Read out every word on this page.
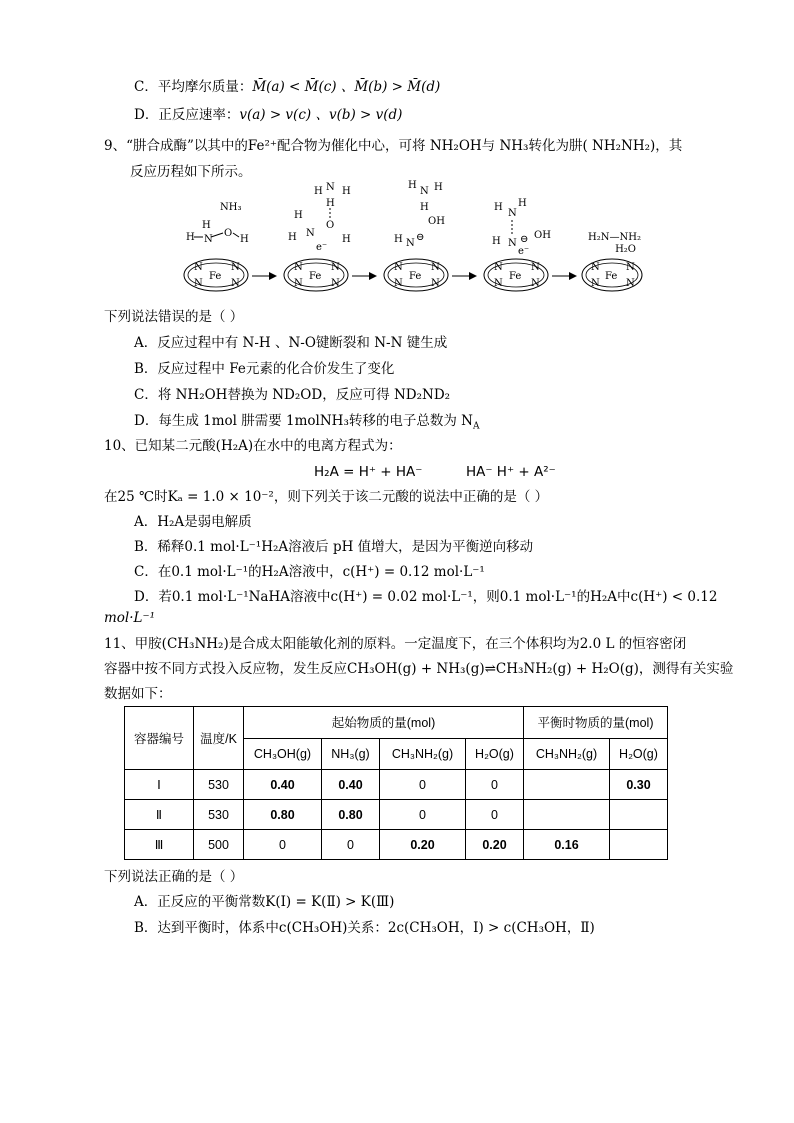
C．平均摩尔质量：M̄(a) < M̄(c) 、M̄(b) > M̄(d)
D．正反应速率：v(a) > v(c) 、v(b) > v(d)
9、“肼合成酶”以其中的Fe²⁺配合物为催化中心，可将 NH₂OH与 NH₃转化为肼( NH₂NH₂)，其
反应历程如下所示。
NH₃
H
H
N
O
H
Fe
N	N
N	N
H N H
H
H
H N
O
H
e⁻
Fe
N	N
N	N
H
N H
H
OH
H N
⊖
Fe
N	N
N	N
H
N
H
OH
H N ⊖
e⁻
Fe
N	N
N	N
H₂N—NH₂
H₂O
Fe
N	N
N	N
下列说法错误的是（ ）
A．反应过程中有 N-H 、N-O键断裂和 N-N 键生成
B．反应过程中 Fe元素的化合价发生了变化
C．将 NH₂OH替换为 ND₂OD，反应可得 ND₂ND₂
D．每生成 1mol 肼需要 1molNH₃转移的电子总数为 $N_A$
10、已知某二元酸(H₂A)在水中的电离方程式为：
H₂A = H⁺ + HA⁻	HA⁻ H⁺ + A²⁻
在25 ℃时Kₐ = 1.0 × 10⁻²，则下列关于该二元酸的说法中正确的是（ ）
A．H₂A是弱电解质
B．稀释0.1 mol·L⁻¹H₂A溶液后 pH 值增大，是因为平衡逆向移动
C．在0.1 mol·L⁻¹的H₂A溶液中，c(H⁺) = 0.12 mol·L⁻¹
D．若0.1 mol·L⁻¹NaHA溶液中c(H⁺) = 0.02 mol·L⁻¹，则0.1 mol·L⁻¹的H₂A中c(H⁺) < 0.12
mol·L⁻¹
11、甲胺(CH₃NH₂)是合成太阳能敏化剂的原料。一定温度下，在三个体积均为2.0 L 的恒容密闭
容器中按不同方式投入反应物，发生反应CH₃OH(g) + NH₃(g)⇌CH₃NH₂(g) + H₂O(g)，测得有关实验
数据如下：
容器编号	温度/K	起始物质的量(mol)				平衡时物质的量(mol)	
		CH₃OH(g)	NH₃(g)	CH₃NH₂(g)	H₂O(g)	CH₃NH₂(g)	H₂O(g)
Ⅰ	530	0.40	0.40	0	0		0.30
Ⅱ	530	0.80	0.80	0	0		
Ⅲ	500	0	0	0.20	0.20	0.16	
下列说法正确的是（ ）
A．正反应的平衡常数K(Ⅰ) = K(Ⅱ) > K(Ⅲ)
B．达到平衡时，体系中c(CH₃OH)关系：2c(CH₃OH，Ⅰ) > c(CH₃OH，Ⅱ)
